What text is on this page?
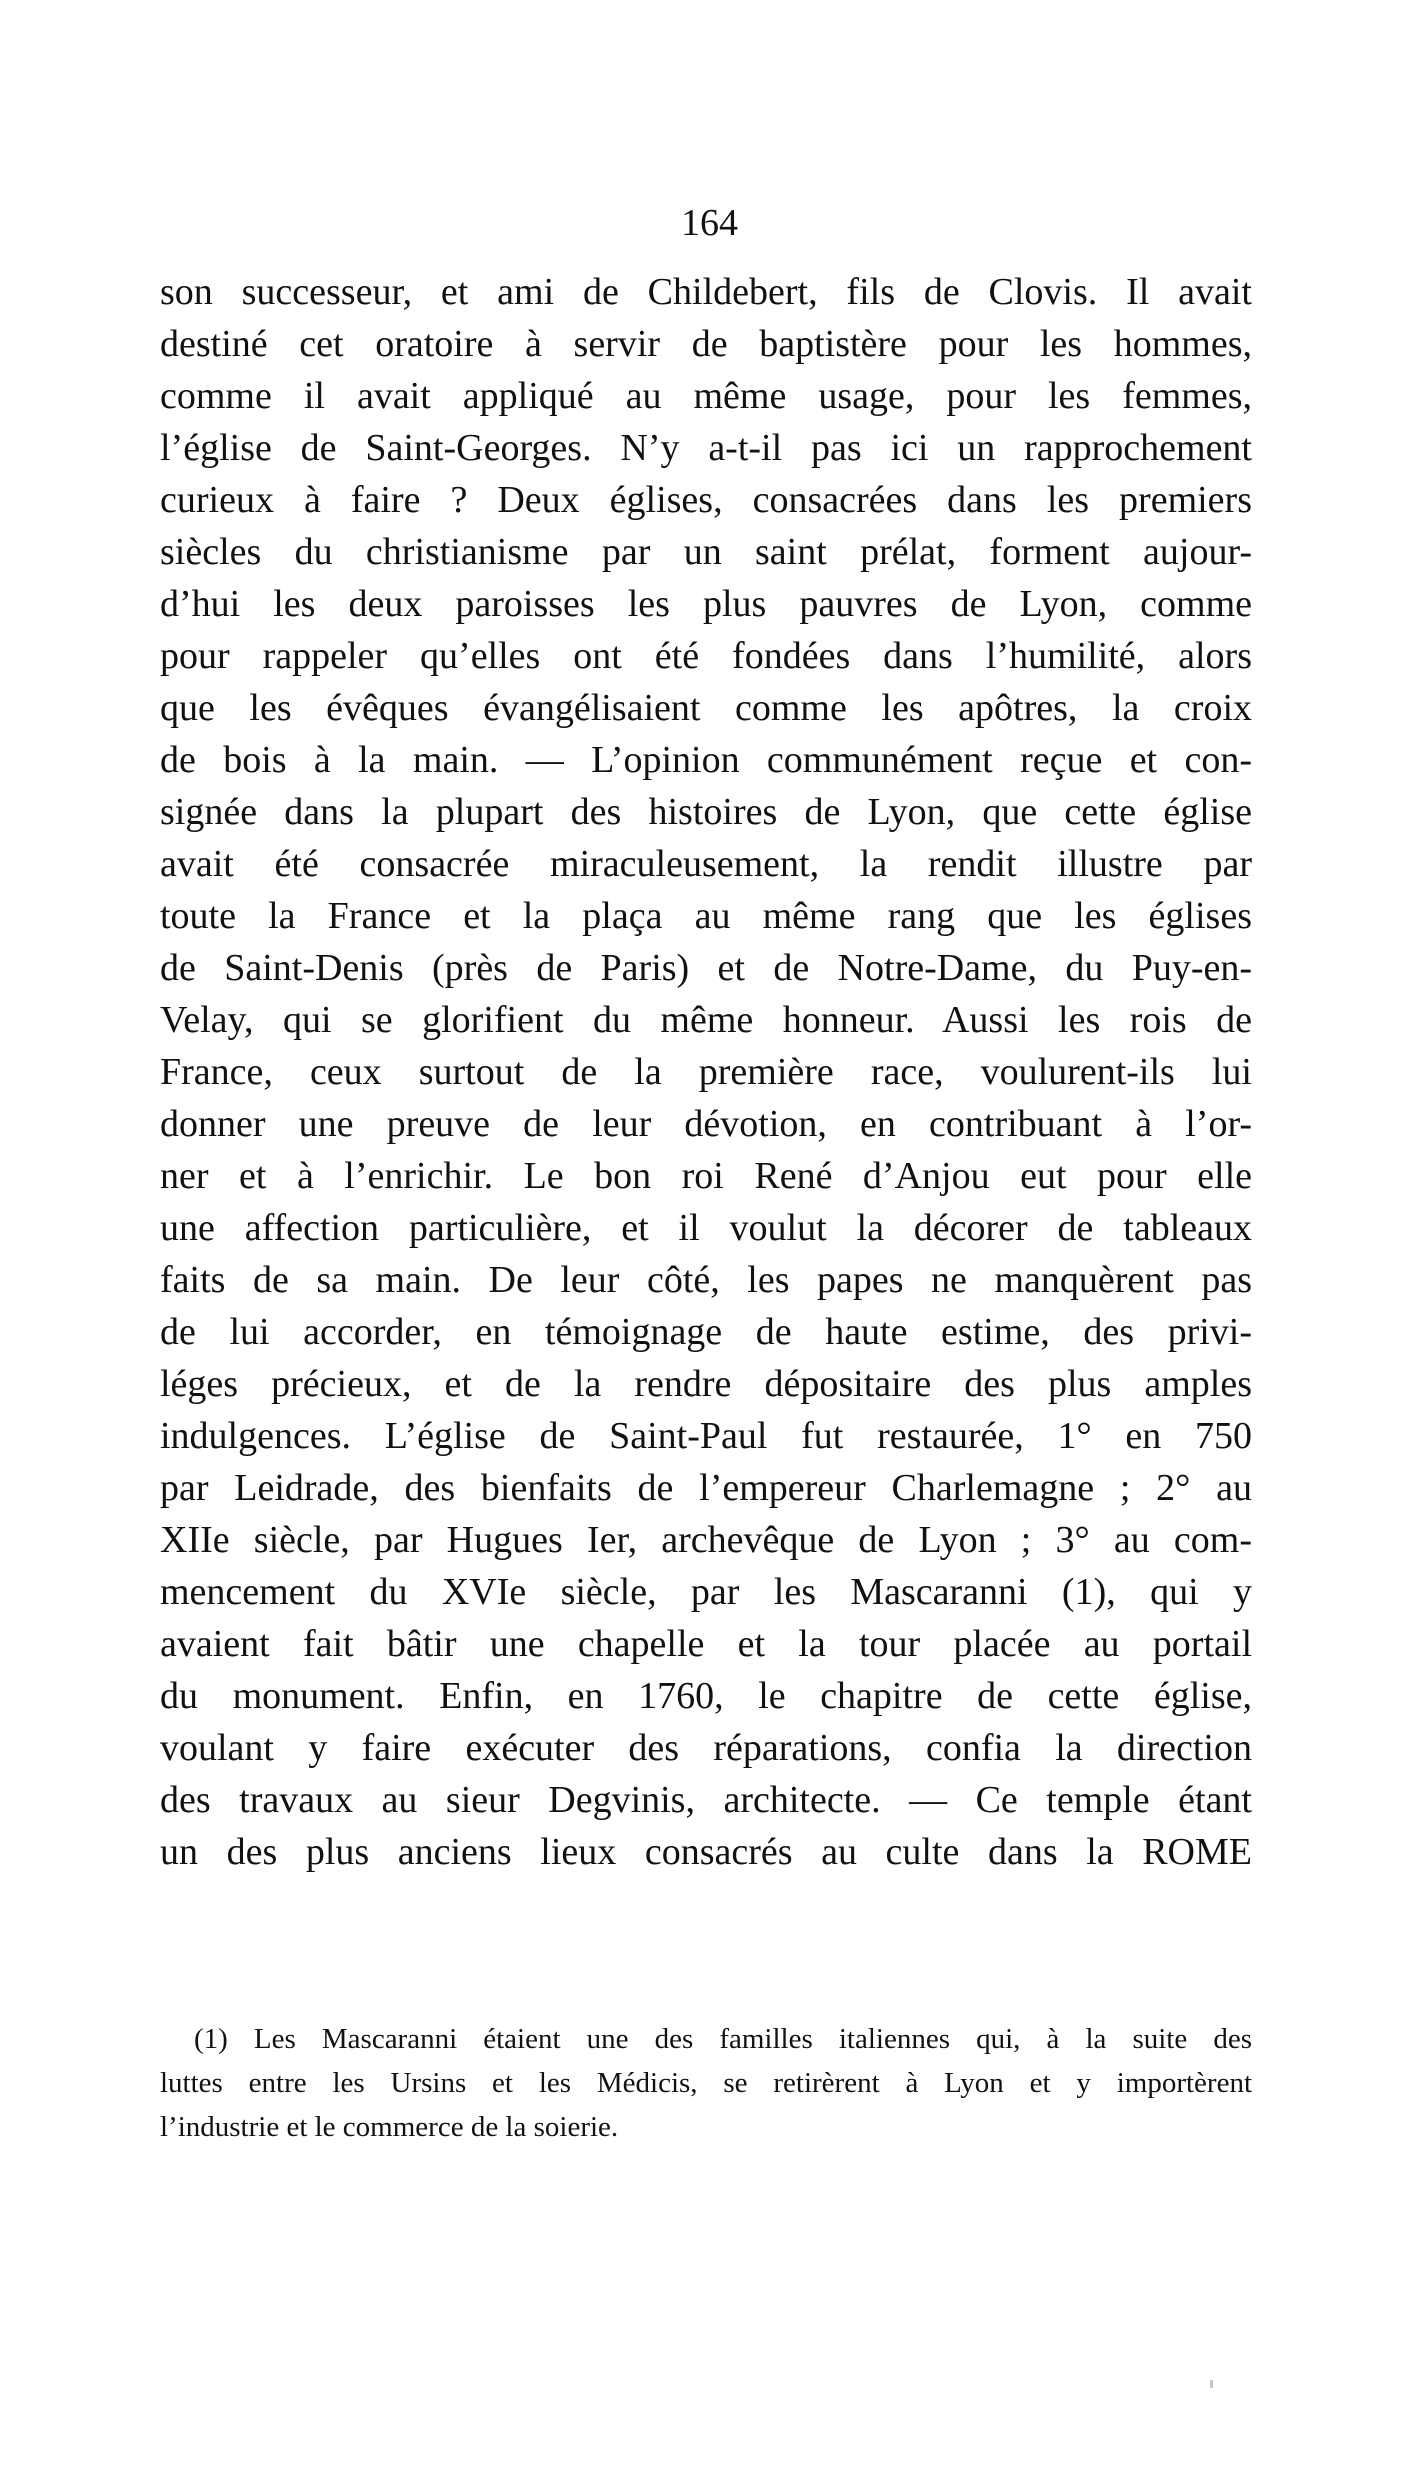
164
son successeur, et ami de Childebert, fils de Clovis. Il avait
destiné cet oratoire à servir de baptistère pour les hommes,
comme il avait appliqué au même usage, pour les femmes,
l’église de Saint-Georges. N’y a-t-il pas ici un rapprochement
curieux à faire ? Deux églises, consacrées dans les premiers
siècles du christianisme par un saint prélat, forment aujour-
d’hui les deux paroisses les plus pauvres de Lyon, comme
pour rappeler qu’elles ont été fondées dans l’humilité, alors
que les évêques évangélisaient comme les apôtres, la croix
de bois à la main. — L’opinion communément reçue et con-
signée dans la plupart des histoires de Lyon, que cette église
avait été consacrée miraculeusement, la rendit illustre par
toute la France et la plaça au même rang que les églises
de Saint-Denis (près de Paris) et de Notre-Dame, du Puy-en-
Velay, qui se glorifient du même honneur. Aussi les rois de
France, ceux surtout de la première race, voulurent-ils lui
donner une preuve de leur dévotion, en contribuant à l’or-
ner et à l’enrichir. Le bon roi René d’Anjou eut pour elle
une affection particulière, et il voulut la décorer de tableaux
faits de sa main. De leur côté, les papes ne manquèrent pas
de lui accorder, en témoignage de haute estime, des privi-
léges précieux, et de la rendre dépositaire des plus amples
indulgences. L’église de Saint-Paul fut restaurée, 1° en 750
par Leidrade, des bienfaits de l’empereur Charlemagne ; 2° au
XIIe siècle, par Hugues Ier, archevêque de Lyon ; 3° au com-
mencement du XVIe siècle, par les Mascaranni (1), qui y
avaient fait bâtir une chapelle et la tour placée au portail
du monument. Enfin, en 1760, le chapitre de cette église,
voulant y faire exécuter des réparations, confia la direction
des travaux au sieur Degvinis, architecte. — Ce temple étant
un des plus anciens lieux consacrés au culte dans la ROME
(1) Les Mascaranni étaient une des familles italiennes qui, à la suite des
luttes entre les Ursins et les Médicis, se retirèrent à Lyon et y importèrent
l’industrie et le commerce de la soierie.
